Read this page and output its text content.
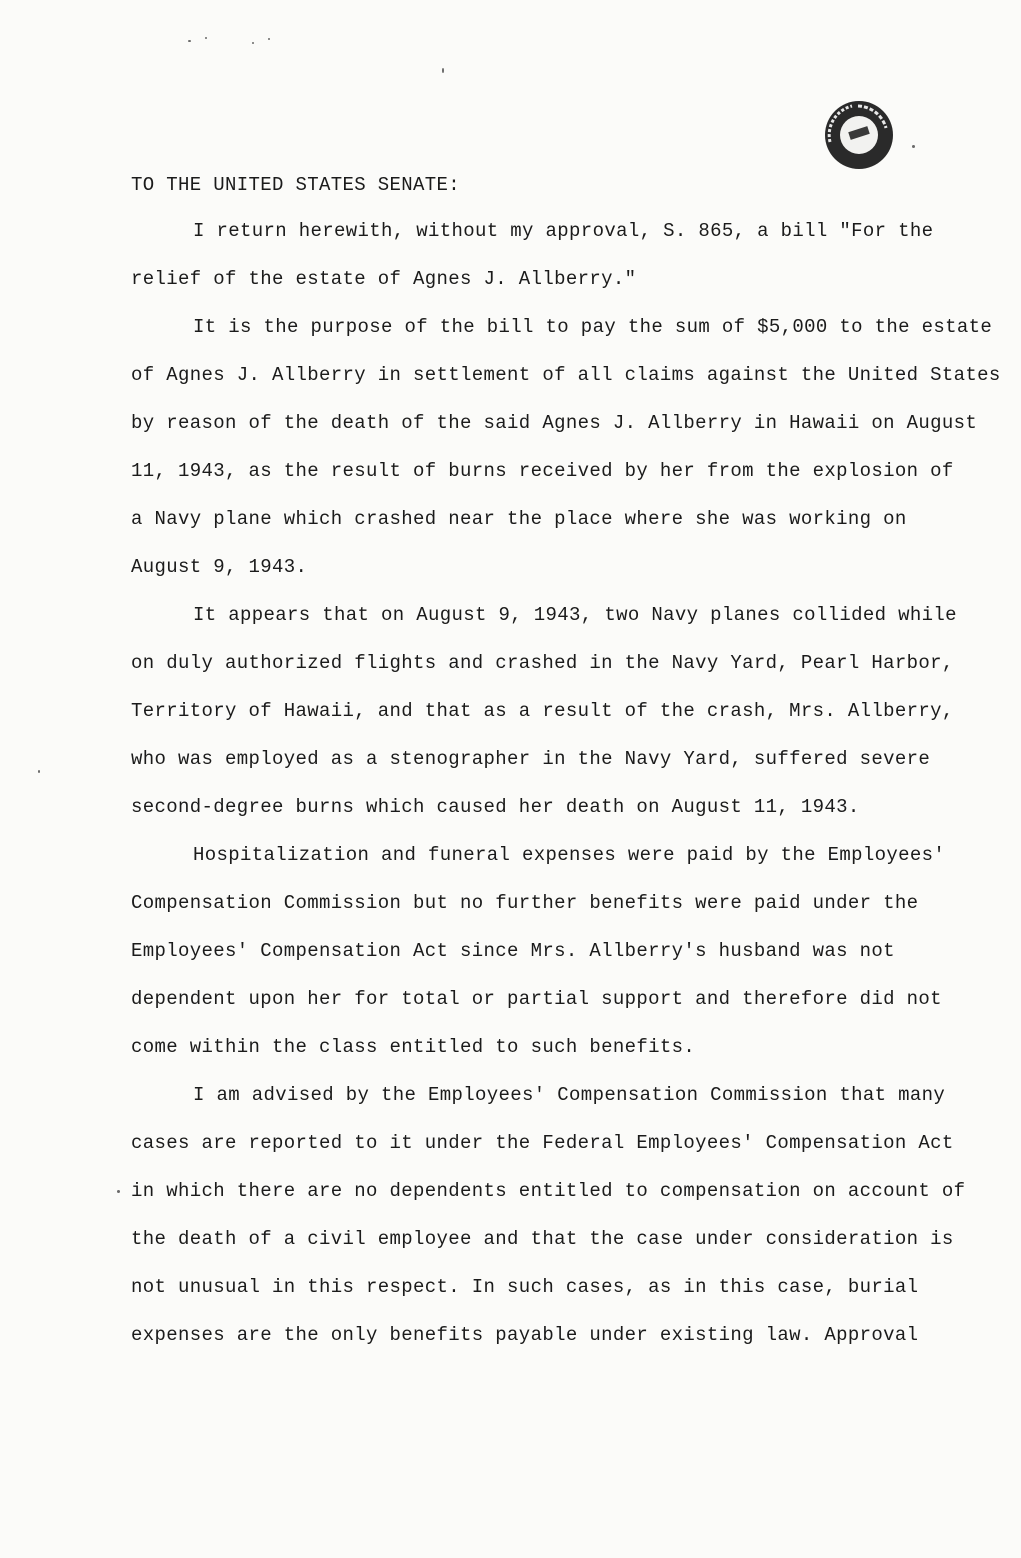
TO THE UNITED STATES SENATE:

I return herewith, without my approval, S. 865, a bill "For the

relief of the estate of Agnes J. Allberry."

It is the purpose of the bill to pay the sum of $5,000 to the estate

of Agnes J. Allberry in settlement of all claims against the United States

by reason of the death of the said Agnes J. Allberry in Hawaii on August

11, 1943, as the result of burns received by her from the explosion of

a Navy plane which crashed near the place where she was working on

August 9, 1943.

It appears that on August 9, 1943, two Navy planes collided while

on duly authorized flights and crashed in the Navy Yard, Pearl Harbor,

Territory of Hawaii, and that as a result of the crash, Mrs. Allberry,

who was employed as a stenographer in the Navy Yard, suffered severe

second-degree burns which caused her death on August 11, 1943.

Hospitalization and funeral expenses were paid by the Employees'

Compensation Commission but no further benefits were paid under the

Employees' Compensation Act since Mrs. Allberry's husband was not

dependent upon her for total or partial support and therefore did not

come within the class entitled to such benefits.

I am advised by the Employees' Compensation Commission that many

cases are reported to it under the Federal Employees' Compensation Act

in which there are no dependents entitled to compensation on account of

the death of a civil employee and that the case under consideration is

not unusual in this respect. In such cases, as in this case, burial

expenses are the only benefits payable under existing law. Approval
